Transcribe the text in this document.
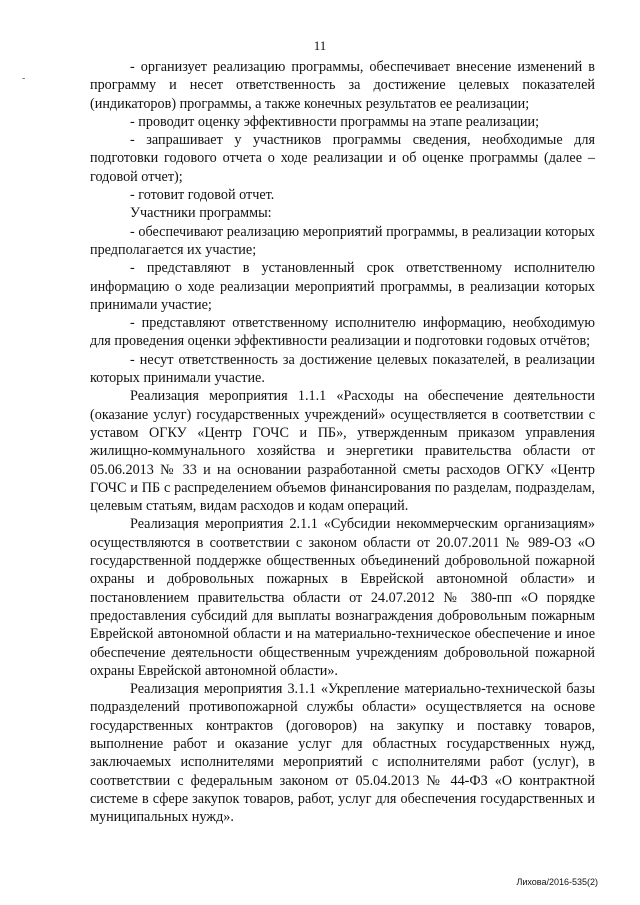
11
-

- организует реализацию программы, обеспечивает внесение изменений в программу и несет ответственность за достижение целевых показателей (индикаторов) программы, а также конечных результатов ее реализации;

- проводит оценку эффективности программы на этапе реализации;

- запрашивает у участников программы сведения, необходимые для подготовки годового отчета о ходе реализации и об оценке программы (далее – годовой отчет);

- готовит годовой отчет.

Участники программы:

- обеспечивают реализацию мероприятий программы, в реализации которых предполагается их участие;

- представляют в установленный срок ответственному исполнителю информацию о ходе реализации мероприятий программы, в реализации которых принимали участие;

- представляют ответственному исполнителю информацию, необходимую для проведения оценки эффективности реализации и подготовки годовых отчётов;

- несут ответственность за достижение целевых показателей, в реализации которых принимали участие.

Реализация мероприятия 1.1.1 «Расходы на обеспечение деятельности (оказание услуг) государственных учреждений» осуществляется в соответствии с уставом ОГКУ «Центр ГОЧС и ПБ», утвержденным приказом управления жилищно-коммунального хозяйства и энергетики правительства области от 05.06.2013 № 33 и на основании разработанной сметы расходов ОГКУ «Центр ГОЧС и ПБ с распределением объемов финансирования по разделам, подразделам, целевым статьям, видам расходов и кодам операций.

Реализация мероприятия 2.1.1 «Субсидии некоммерческим организациям» осуществляются в соответствии с законом области от 20.07.2011 № 989-ОЗ «О государственной поддержке общественных объединений добровольной пожарной охраны и добровольных пожарных в Еврейской автономной области» и постановлением правительства области от 24.07.2012 № 380-пп «О порядке предоставления субсидий для выплаты вознаграждения добровольным пожарным Еврейской автономной области и на материально-техническое обеспечение и иное обеспечение деятельности общественным учреждениям добровольной пожарной охраны Еврейской автономной области».

Реализация мероприятия 3.1.1 «Укрепление материально-технической базы подразделений противопожарной службы области» осуществляется на основе государственных контрактов (договоров) на закупку и поставку товаров, выполнение работ и оказание услуг для областных государственных нужд, заключаемых исполнителями мероприятий с исполнителями работ (услуг), в соответствии с федеральным законом от 05.04.2013 № 44-ФЗ «О контрактной системе в сфере закупок товаров, работ, услуг для обеспечения государственных и муниципальных нужд».

Лихова/2016-535(2)
